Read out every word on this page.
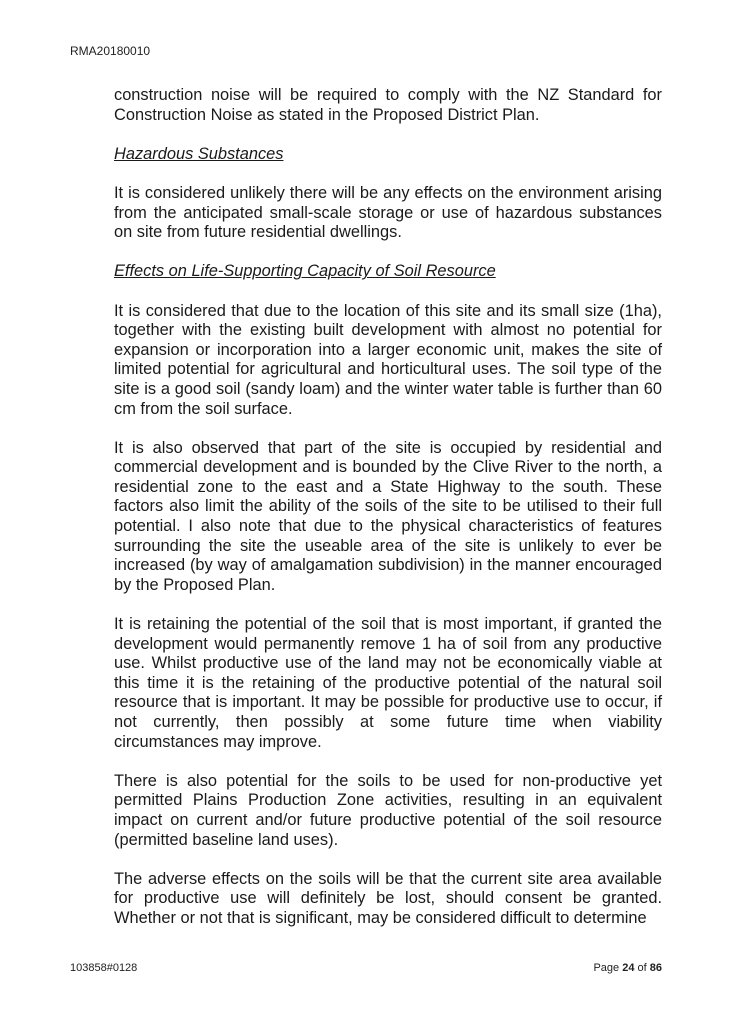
RMA20180010

construction noise will be required to comply with the NZ Standard for Construction Noise as stated in the Proposed District Plan.

Hazardous Substances

It is considered unlikely there will be any effects on the environment arising from the anticipated small-scale storage or use of hazardous substances on site from future residential dwellings.

Effects on Life-Supporting Capacity of Soil Resource

It is considered that due to the location of this site and its small size (1ha), together with the existing built development with almost no potential for expansion or incorporation into a larger economic unit, makes the site of limited potential for agricultural and horticultural uses. The soil type of the site is a good soil (sandy loam) and the winter water table is further than 60 cm from the soil surface.

It is also observed that part of the site is occupied by residential and commercial development and is bounded by the Clive River to the north, a residential zone to the east and a State Highway to the south. These factors also limit the ability of the soils of the site to be utilised to their full potential. I also note that due to the physical characteristics of features surrounding the site the useable area of the site is unlikely to ever be increased (by way of amalgamation subdivision) in the manner encouraged by the Proposed Plan.

It is retaining the potential of the soil that is most important, if granted the development would permanently remove 1 ha of soil from any productive use. Whilst productive use of the land may not be economically viable at this time it is the retaining of the productive potential of the natural soil resource that is important. It may be possible for productive use to occur, if not currently, then possibly at some future time when viability circumstances may improve.

There is also potential for the soils to be used for non-productive yet permitted Plains Production Zone activities, resulting in an equivalent impact on current and/or future productive potential of the soil resource (permitted baseline land uses).

The adverse effects on the soils will be that the current site area available for productive use will definitely be lost, should consent be granted. Whether or not that is significant, may be considered difficult to determine

103858#0128	Page 24 of 86
